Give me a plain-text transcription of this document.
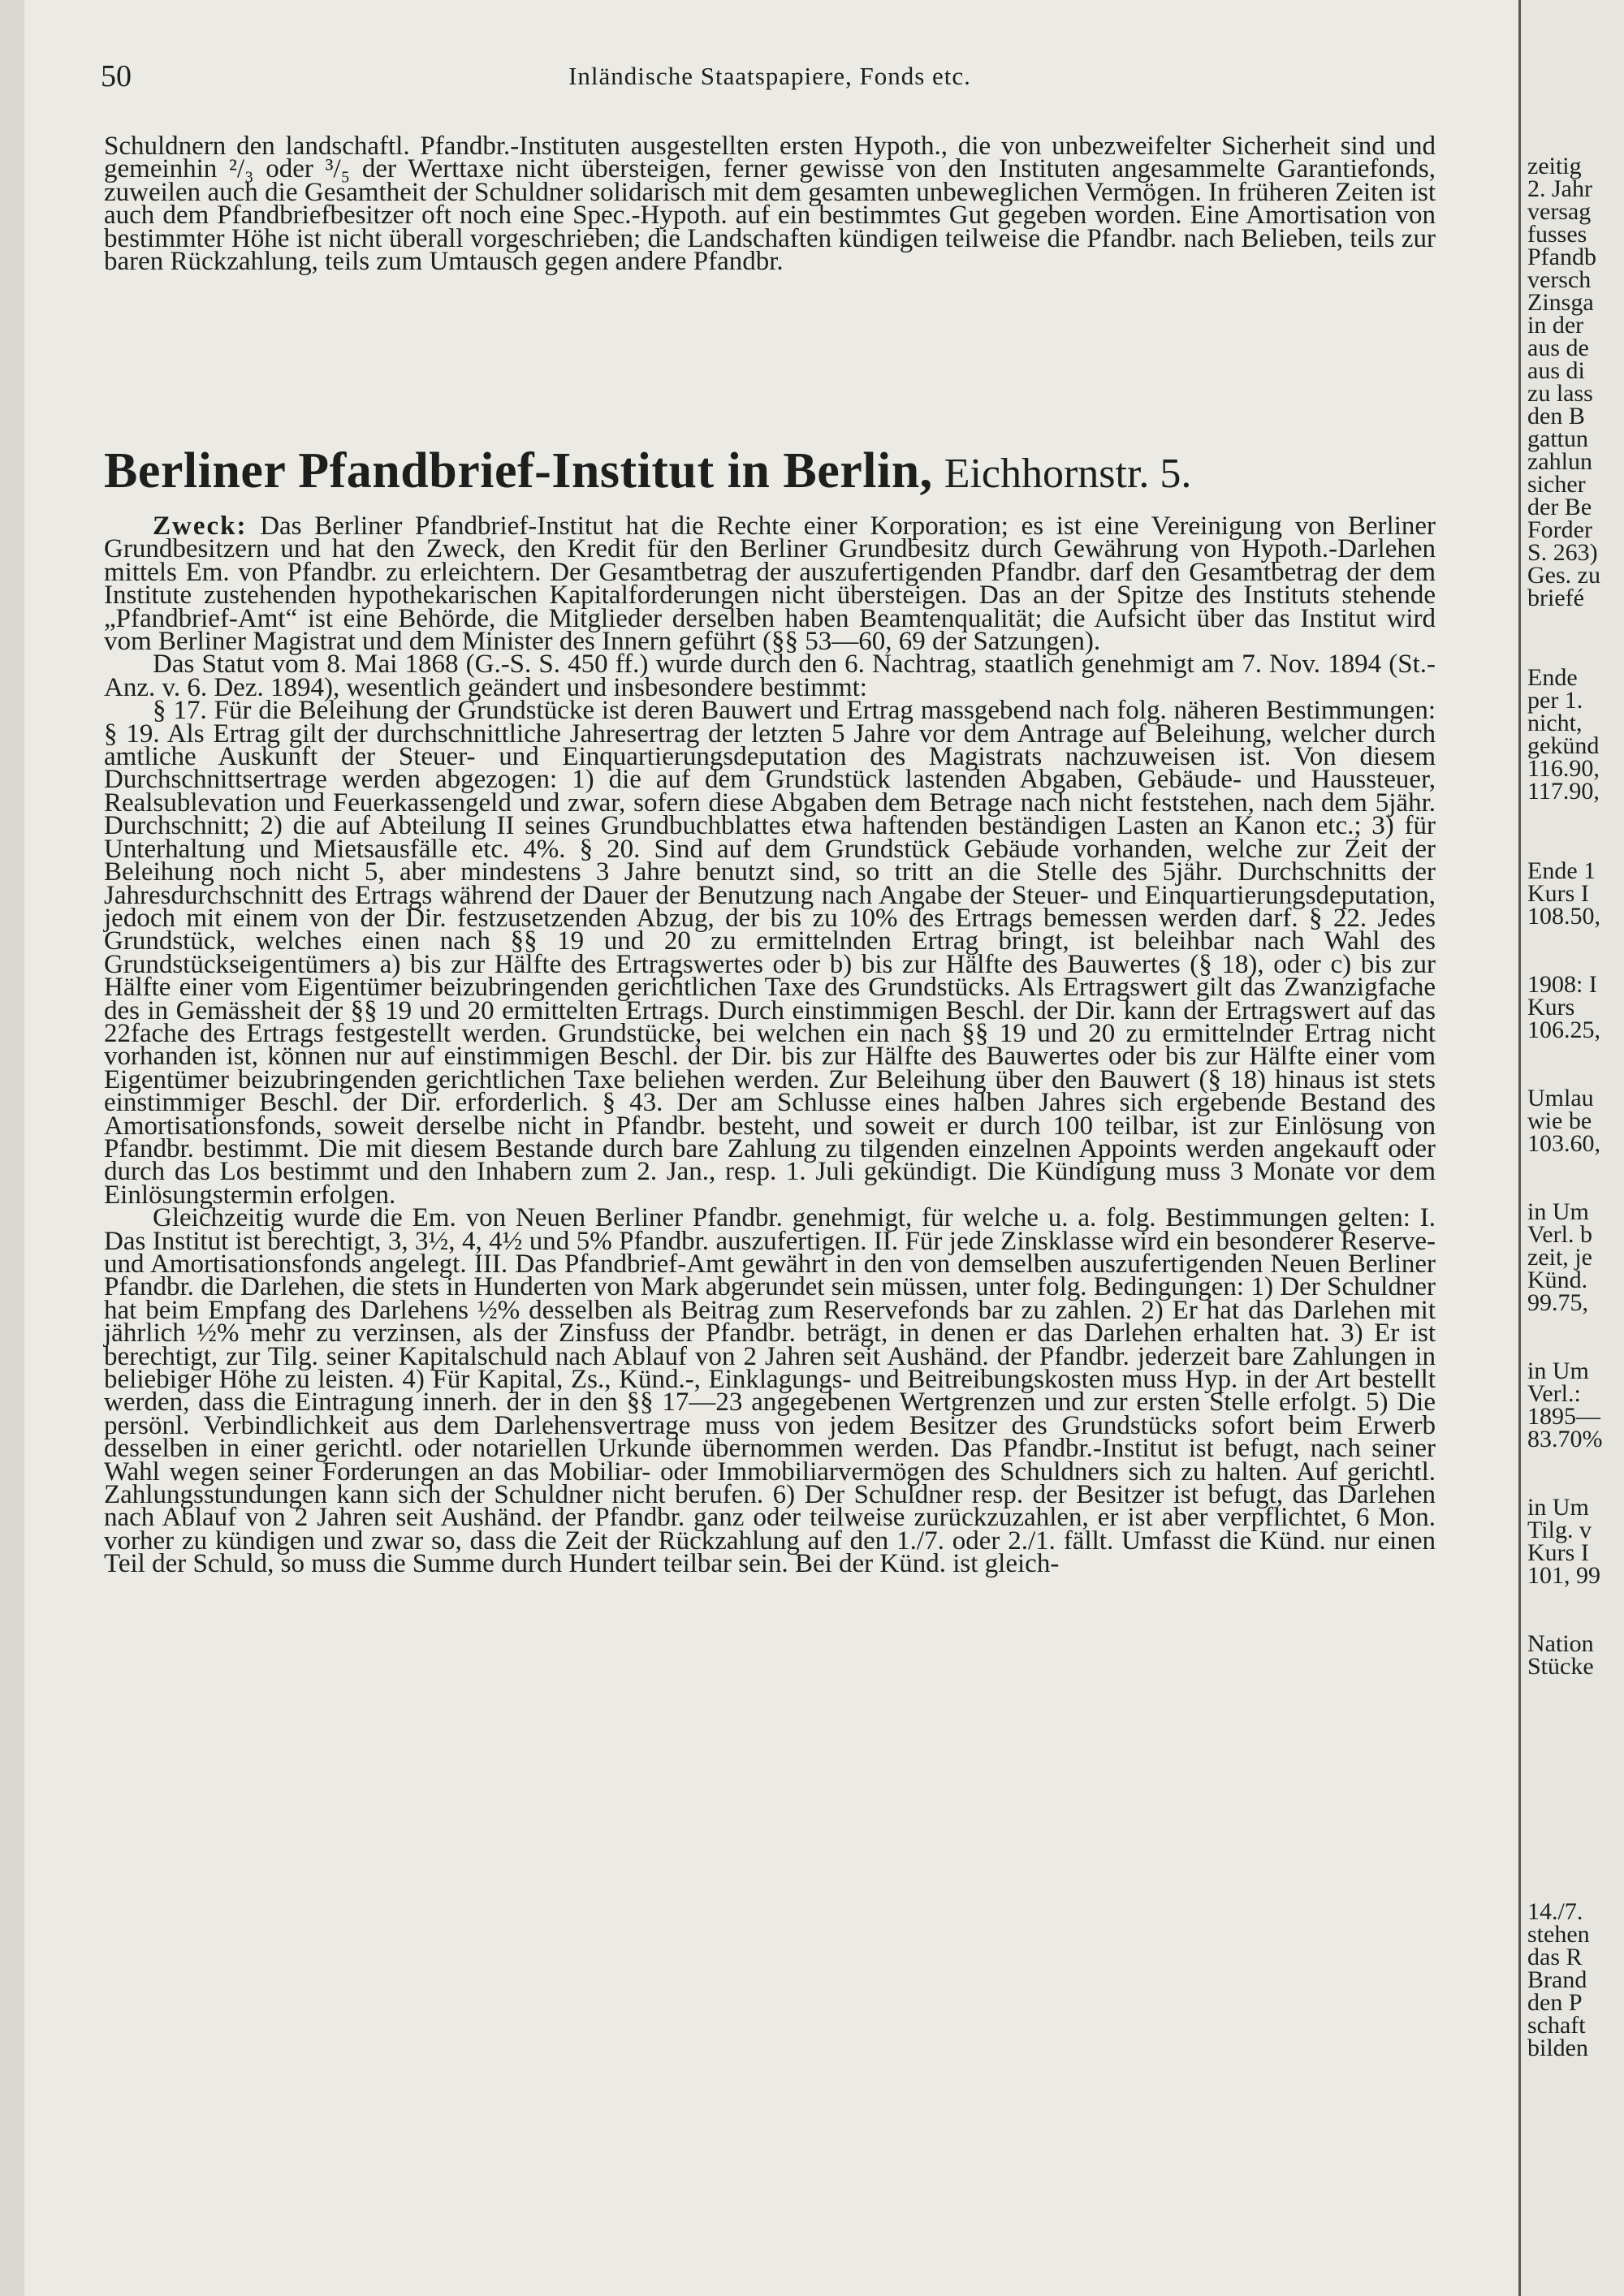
50	Inländische Staatspapiere, Fonds etc.

Schuldnern den landschaftl. Pfandbr.-Instituten ausgestellten ersten Hypoth., die von unbezweifelter Sicherheit sind und gemeinhin ²/₃ oder ³/₅ der Werttaxe nicht übersteigen, ferner gewisse von den Instituten angesammelte Garantiefonds, zuweilen auch die Gesamtheit der Schuldner solidarisch mit dem gesamten unbeweglichen Vermögen. In früheren Zeiten ist auch dem Pfandbriefbesitzer oft noch eine Spec.-Hypoth. auf ein bestimmtes Gut gegeben worden. Eine Amortisation von bestimmter Höhe ist nicht überall vorgeschrieben; die Landschaften kündigen teilweise die Pfandbr. nach Belieben, teils zur baren Rückzahlung, teils zum Umtausch gegen andere Pfandbr.

Berliner Pfandbrief-Institut in Berlin, Eichhornstr. 5.

Zweck: Das Berliner Pfandbrief-Institut hat die Rechte einer Korporation; es ist eine Vereinigung von Berliner Grundbesitzern und hat den Zweck, den Kredit für den Berliner Grundbesitz durch Gewährung von Hypoth.-Darlehen mittels Em. von Pfandbr. zu erleichtern. Der Gesamtbetrag der auszufertigenden Pfandbr. darf den Gesamtbetrag der dem Institute zustehenden hypothekarischen Kapitalforderungen nicht übersteigen. Das an der Spitze des Instituts stehende „Pfandbrief-Amt“ ist eine Behörde, die Mitglieder derselben haben Beamtenqualität; die Aufsicht über das Institut wird vom Berliner Magistrat und dem Minister des Innern geführt (§§ 53—60, 69 der Satzungen).

Das Statut vom 8. Mai 1868 (G.-S. S. 450 ff.) wurde durch den 6. Nachtrag, staatlich genehmigt am 7. Nov. 1894 (St.-Anz. v. 6. Dez. 1894), wesentlich geändert und insbesondere bestimmt:

§ 17. Für die Beleihung der Grundstücke ist deren Bauwert und Ertrag massgebend nach folg. näheren Bestimmungen: § 19. Als Ertrag gilt der durchschnittliche Jahresertrag der letzten 5 Jahre vor dem Antrage auf Beleihung, welcher durch amtliche Auskunft der Steuer- und Einquartierungsdeputation des Magistrats nachzuweisen ist. Von diesem Durchschnittsertrage werden abgezogen: 1) die auf dem Grundstück lastenden Abgaben, Gebäude- und Haussteuer, Realsublevation und Feuerkassengeld und zwar, sofern diese Abgaben dem Betrage nach nicht feststehen, nach dem 5jähr. Durchschnitt; 2) die auf Abteilung II seines Grundbuchblattes etwa haftenden beständigen Lasten an Kanon etc.; 3) für Unterhaltung und Mietsausfälle etc. 4%. § 20. Sind auf dem Grundstück Gebäude vorhanden, welche zur Zeit der Beleihung noch nicht 5, aber mindestens 3 Jahre benutzt sind, so tritt an die Stelle des 5jähr. Durchschnitts der Jahresdurchschnitt des Ertrags während der Dauer der Benutzung nach Angabe der Steuer- und Einquartierungsdeputation, jedoch mit einem von der Dir. festzusetzenden Abzug, der bis zu 10% des Ertrags bemessen werden darf. § 22. Jedes Grundstück, welches einen nach §§ 19 und 20 zu ermittelnden Ertrag bringt, ist beleihbar nach Wahl des Grundstückseigentümers a) bis zur Hälfte des Ertragswertes oder b) bis zur Hälfte des Bauwertes (§ 18), oder c) bis zur Hälfte einer vom Eigentümer beizubringenden gerichtlichen Taxe des Grundstücks. Als Ertragswert gilt das Zwanzigfache des in Gemässheit der §§ 19 und 20 ermittelten Ertrags. Durch einstimmigen Beschl. der Dir. kann der Ertragswert auf das 22fache des Ertrags festgestellt werden. Grundstücke, bei welchen ein nach §§ 19 und 20 zu ermittelnder Ertrag nicht vorhanden ist, können nur auf einstimmigen Beschl. der Dir. bis zur Hälfte des Bauwertes oder bis zur Hälfte einer vom Eigentümer beizubringenden gerichtlichen Taxe beliehen werden. Zur Beleihung über den Bauwert (§ 18) hinaus ist stets einstimmiger Beschl. der Dir. erforderlich. § 43. Der am Schlusse eines halben Jahres sich ergebende Bestand des Amortisationsfonds, soweit derselbe nicht in Pfandbr. besteht, und soweit er durch 100 teilbar, ist zur Einlösung von Pfandbr. bestimmt. Die mit diesem Bestande durch bare Zahlung zu tilgenden einzelnen Appoints werden angekauft oder durch das Los bestimmt und den Inhabern zum 2. Jan., resp. 1. Juli gekündigt. Die Kündigung muss 3 Monate vor dem Einlösungstermin erfolgen.

Gleichzeitig wurde die Em. von Neuen Berliner Pfandbr. genehmigt, für welche u. a. folg. Bestimmungen gelten: I. Das Institut ist berechtigt, 3, 3½, 4, 4½ und 5% Pfandbr. auszufertigen. II. Für jede Zinsklasse wird ein besonderer Reserve- und Amortisationsfonds angelegt. III. Das Pfandbrief-Amt gewährt in den von demselben auszufertigenden Neuen Berliner Pfandbr. die Darlehen, die stets in Hunderten von Mark abgerundet sein müssen, unter folg. Bedingungen: 1) Der Schuldner hat beim Empfang des Darlehens ½% desselben als Beitrag zum Reservefonds bar zu zahlen. 2) Er hat das Darlehen mit jährlich ½% mehr zu verzinsen, als der Zinsfuss der Pfandbr. beträgt, in denen er das Darlehen erhalten hat. 3) Er ist berechtigt, zur Tilg. seiner Kapitalschuld nach Ablauf von 2 Jahren seit Aushänd. der Pfandbr. jederzeit bare Zahlungen in beliebiger Höhe zu leisten. 4) Für Kapital, Zs., Künd.-, Einklagungs- und Beitreibungskosten muss Hyp. in der Art bestellt werden, dass die Eintragung innerh. der in den §§ 17—23 angegebenen Wertgrenzen und zur ersten Stelle erfolgt. 5) Die persönl. Verbindlichkeit aus dem Darlehensvertrage muss von jedem Besitzer des Grundstücks sofort beim Erwerb desselben in einer gerichtl. oder notariellen Urkunde übernommen werden. Das Pfandbr.-Institut ist befugt, nach seiner Wahl wegen seiner Forderungen an das Mobiliar- oder Immobiliarvermögen des Schuldners sich zu halten. Auf gerichtl. Zahlungsstundungen kann sich der Schuldner nicht berufen. 6) Der Schuldner resp. der Besitzer ist befugt, das Darlehen nach Ablauf von 2 Jahren seit Aushänd. der Pfandbr. ganz oder teilweise zurückzuzahlen, er ist aber verpflichtet, 6 Mon. vorher zu kündigen und zwar so, dass die Zeit der Rückzahlung auf den 1./7. oder 2./1. fällt. Umfasst die Künd. nur einen Teil der Schuld, so muss die Summe durch Hundert teilbar sein. Bei der Künd. ist gleich-

zeitig
2. Jahr
versag
fusses
Pfandb
versch
Zinsga
in der
aus de
aus di
zu lass
den B
gattun
zahlun
sicher
der Be
Forder
S. 263)
Ges. zu
briefé
Ende
per 1.
nicht,
gekünd
116.90,
117.90,
Ende 1
Kurs I
108.50,
1908: I
Kurs
106.25,
Umlau
wie be
103.60,
in Um
Verl. b
zeit, je
Künd.
99.75,
in Um
Verl.:
1895—
83.70%
in Um
Tilg. v
Kurs I
101, 99
Nation
Stücke
14./7.
stehen
das R
Brand
den P
schaft
bilden
